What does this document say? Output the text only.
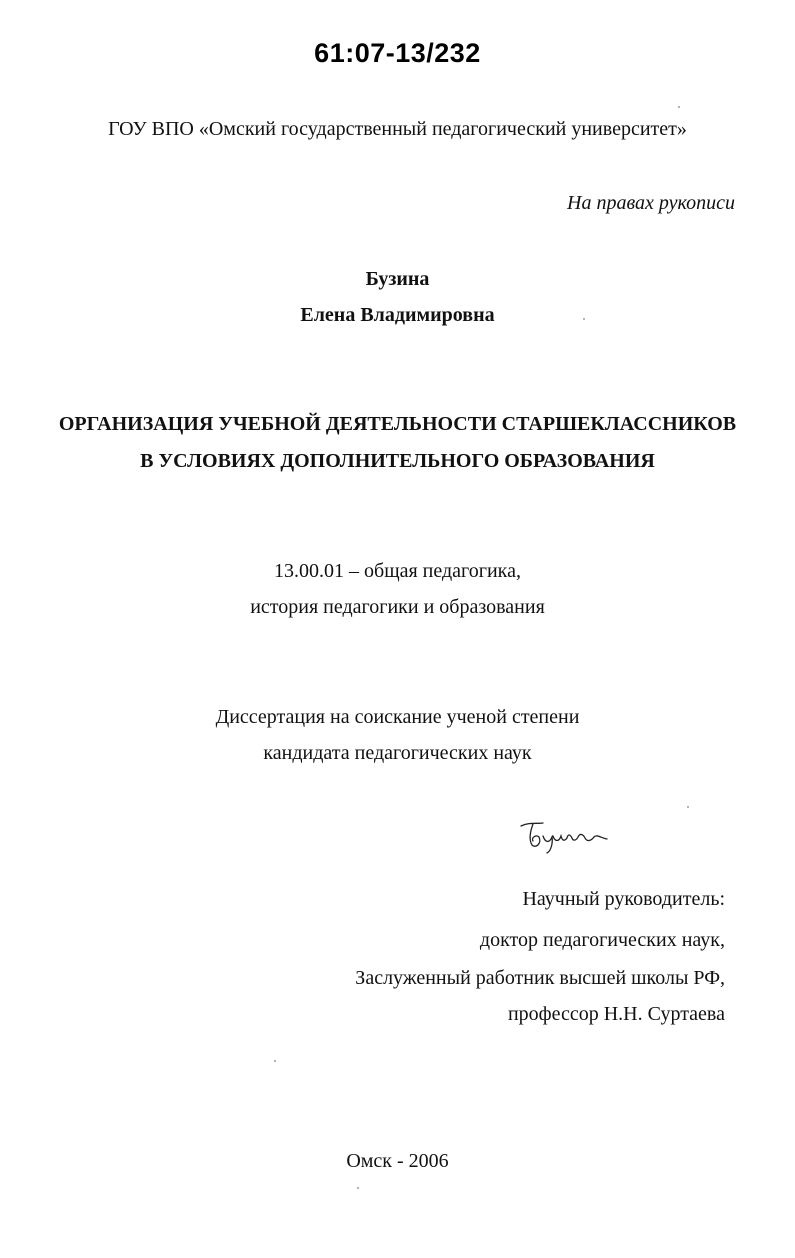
61:07-13/232
ГОУ ВПО «Омский государственный педагогический университет»
На правах рукописи
Бузина
Елена Владимировна
ОРГАНИЗАЦИЯ УЧЕБНОЙ ДЕЯТЕЛЬНОСТИ СТАРШЕКЛАССНИКОВ
В УСЛОВИЯХ ДОПОЛНИТЕЛЬНОГО ОБРАЗОВАНИЯ
13.00.01 – общая педагогика,
история педагогики и образования
Диссертация на соискание ученой степени
кандидата педагогических наук
Научный руководитель:
доктор педагогических наук,
Заслуженный работник высшей школы РФ,
профессор Н.Н. Суртаева
Омск - 2006
